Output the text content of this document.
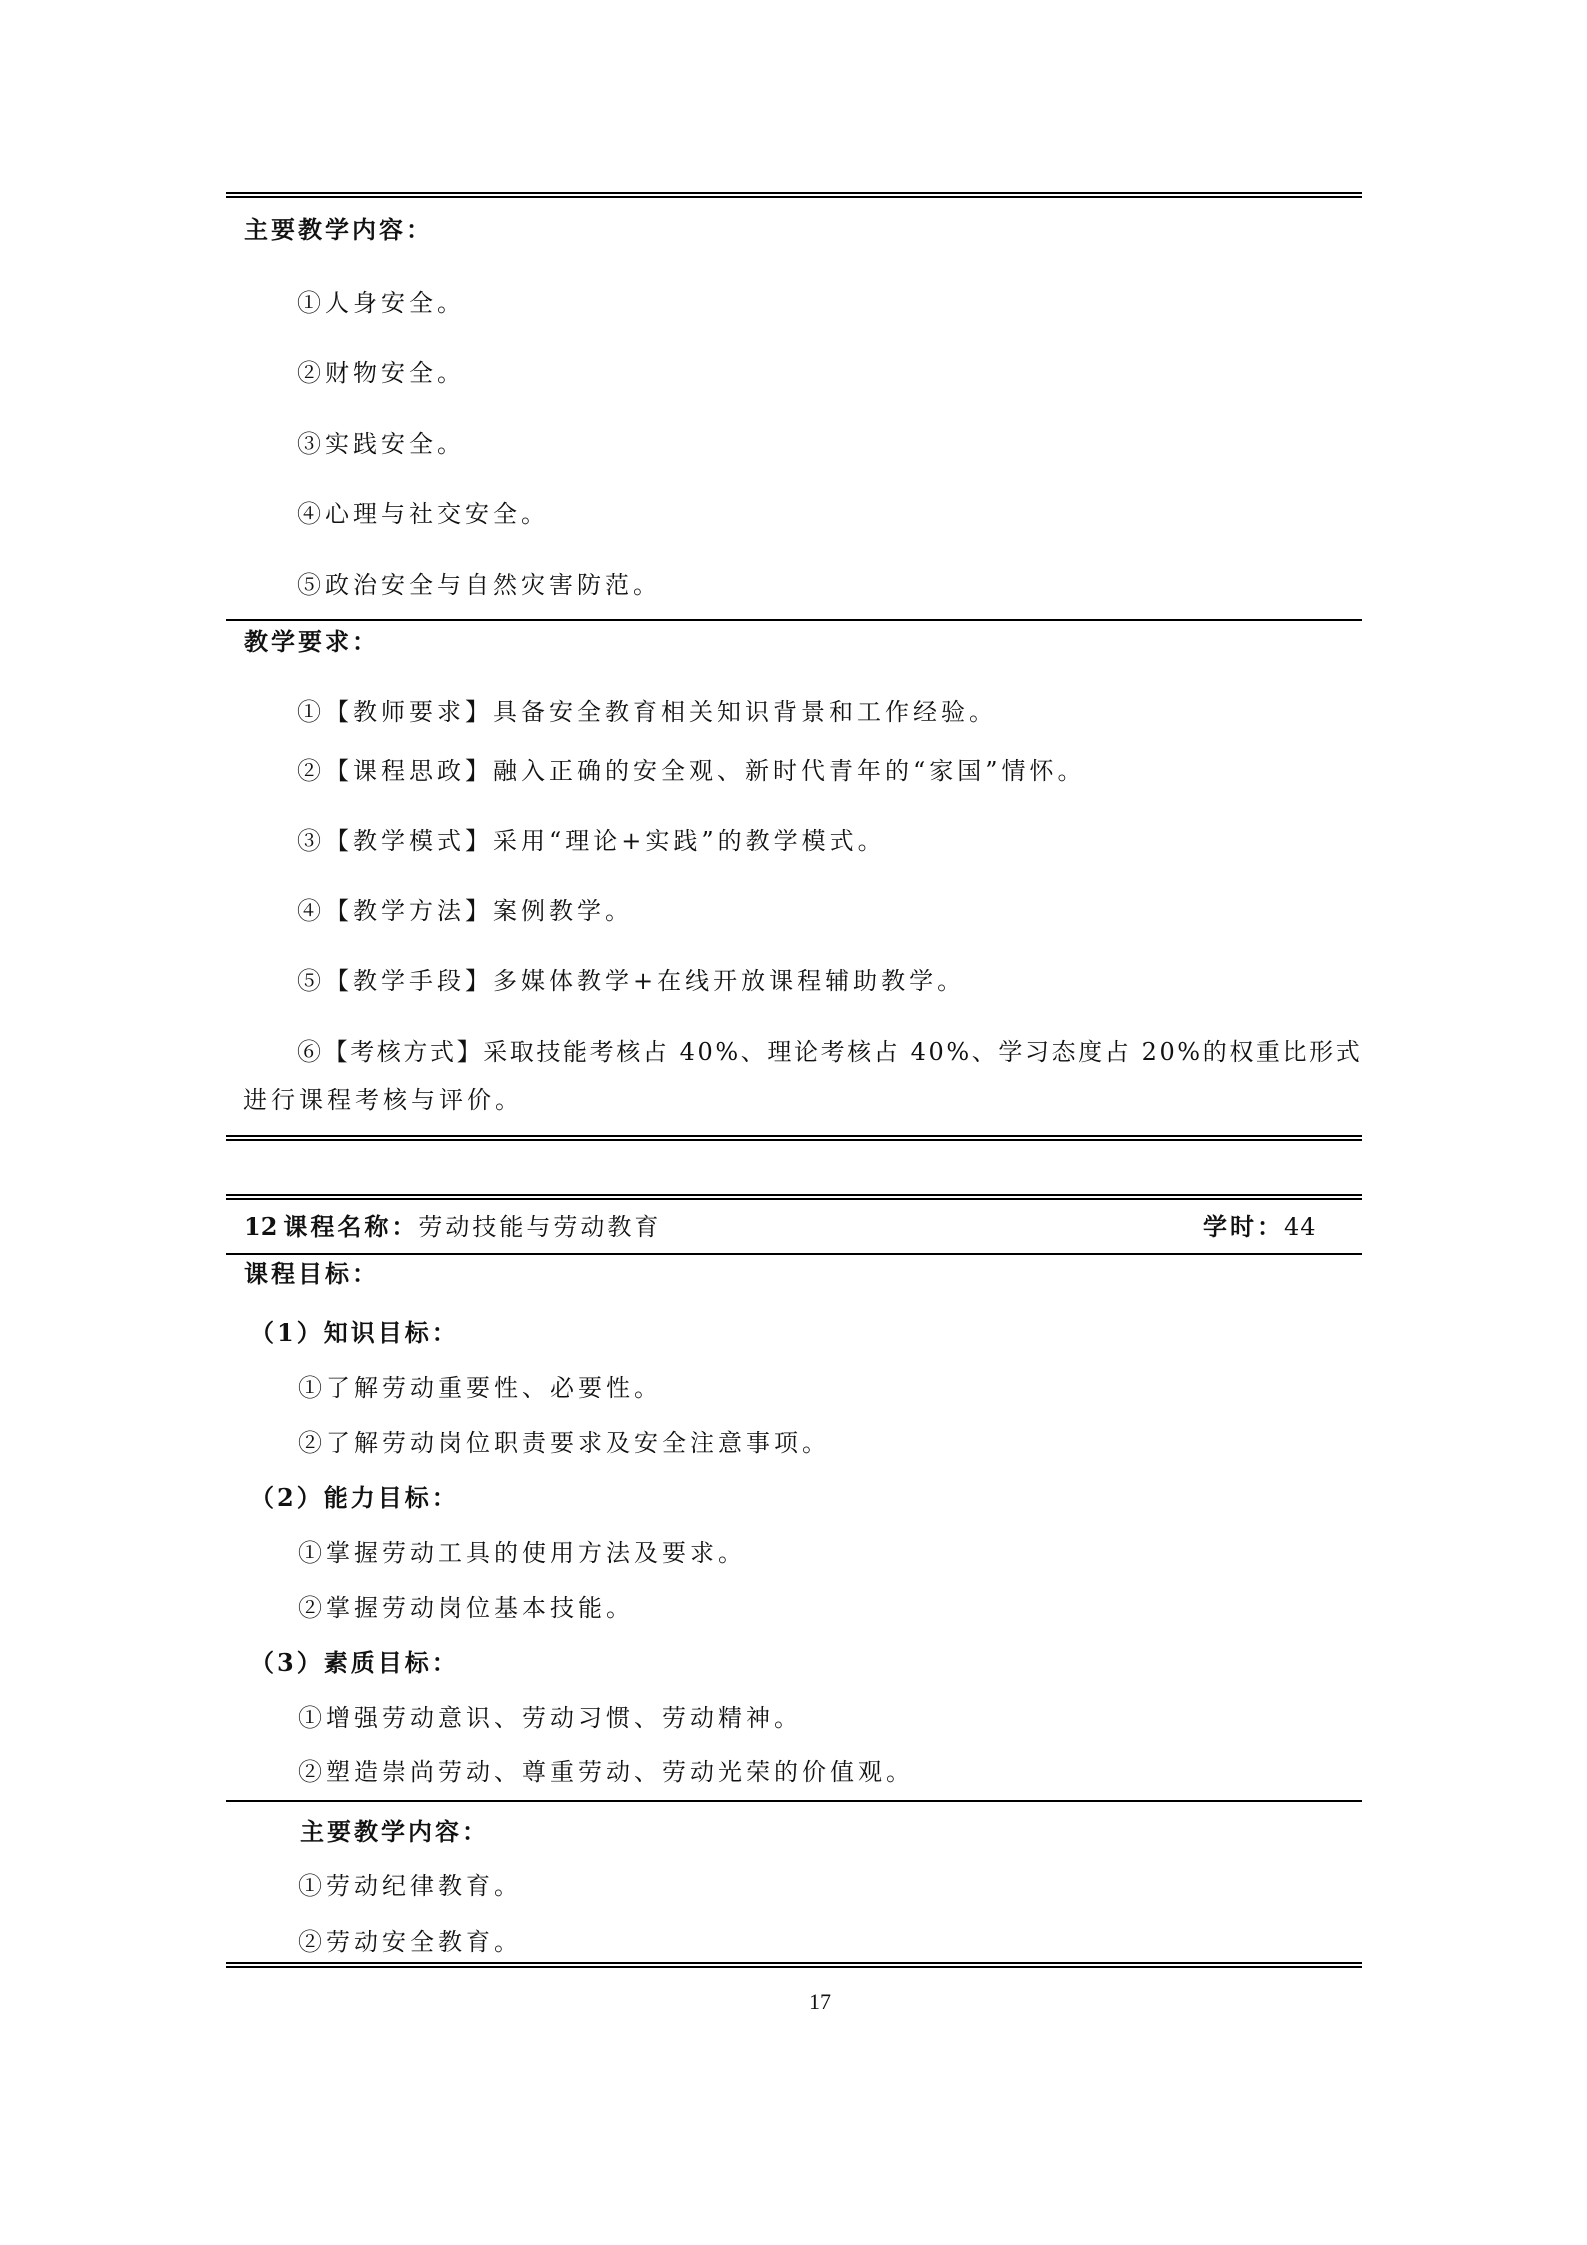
主要教学内容：
①人身安全。
②财物安全。
③实践安全。
④心理与社交安全。
⑤政治安全与自然灾害防范。
教学要求：
①【教师要求】具备安全教育相关知识背景和工作经验。
②【课程思政】融入正确的安全观、新时代青年的“家国”情怀。
③【教学模式】采用“理论+实践”的教学模式。
④【教学方法】案例教学。
⑤【教学手段】多媒体教学+在线开放课程辅助教学。
⑥【考核方式】采取技能考核占 40%、理论考核占 40%、学习态度占 20%的权重比形式
进行课程考核与评价。
12 课程名称：劳动技能与劳动教育	学时：44
课程目标：
（1）知识目标：
①了解劳动重要性、必要性。
②了解劳动岗位职责要求及安全注意事项。
（2）能力目标：
①掌握劳动工具的使用方法及要求。
②掌握劳动岗位基本技能。
（3）素质目标：
①增强劳动意识、劳动习惯、劳动精神。
②塑造崇尚劳动、尊重劳动、劳动光荣的价值观。
主要教学内容：
①劳动纪律教育。
②劳动安全教育。
17
